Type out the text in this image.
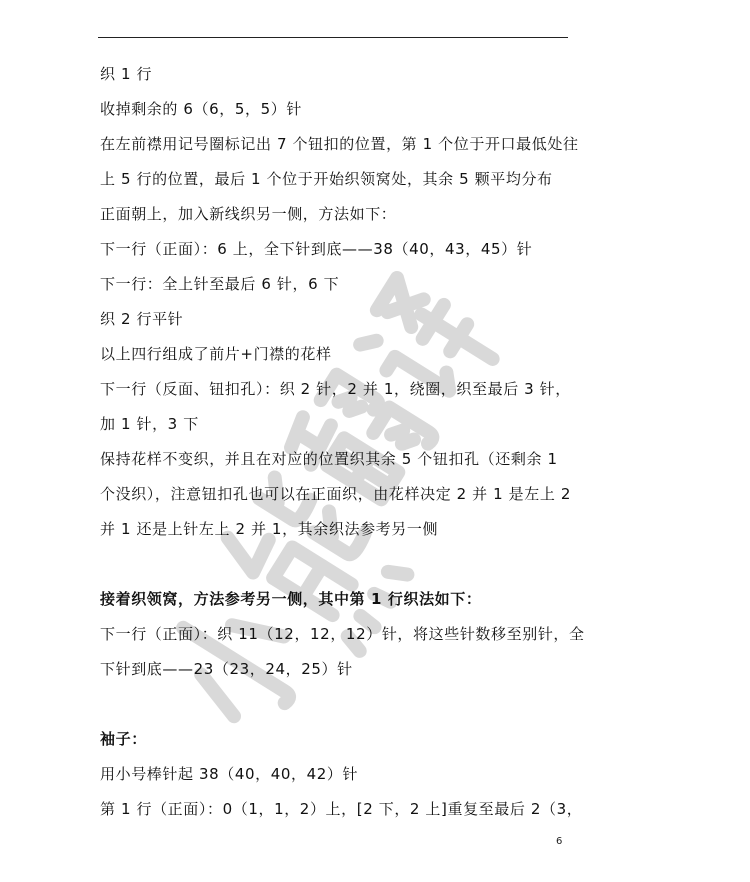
织 1 行
收掉剩余的 6（6，5，5）针
在左前襟用记号圈标记出 7 个钮扣的位置，第 1 个位于开口最低处往
上 5 行的位置，最后 1 个位于开始织领窝处，其余 5 颗平均分布
正面朝上，加入新线织另一侧，方法如下：
下一行（正面）：6 上，全下针到底——38（40，43，45）针
下一行：全上针至最后 6 针，6 下
织 2 行平针
以上四行组成了前片+门襟的花样
下一行（反面、钮扣孔）：织 2 针，2 并 1，绕圈，织至最后 3 针，
加 1 针，3 下
保持花样不变织，并且在对应的位置织其余 5 个钮扣孔（还剩余 1
个没织），注意钮扣孔也可以在正面织，由花样决定 2 并 1 是左上 2
并 1 还是上针左上 2 并 1，其余织法参考另一侧
接着织领窝，方法参考另一侧，其中第 1 行织法如下：
下一行（正面）：织 11（12，12，12）针，将这些针数移至别针，全
下针到底——23（23，24，25）针
袖子：
用小号棒针起 38（40，40，42）针
第 1 行（正面）：0（1，1，2）上，[2 下，2 上]重复至最后 2（3，
6
